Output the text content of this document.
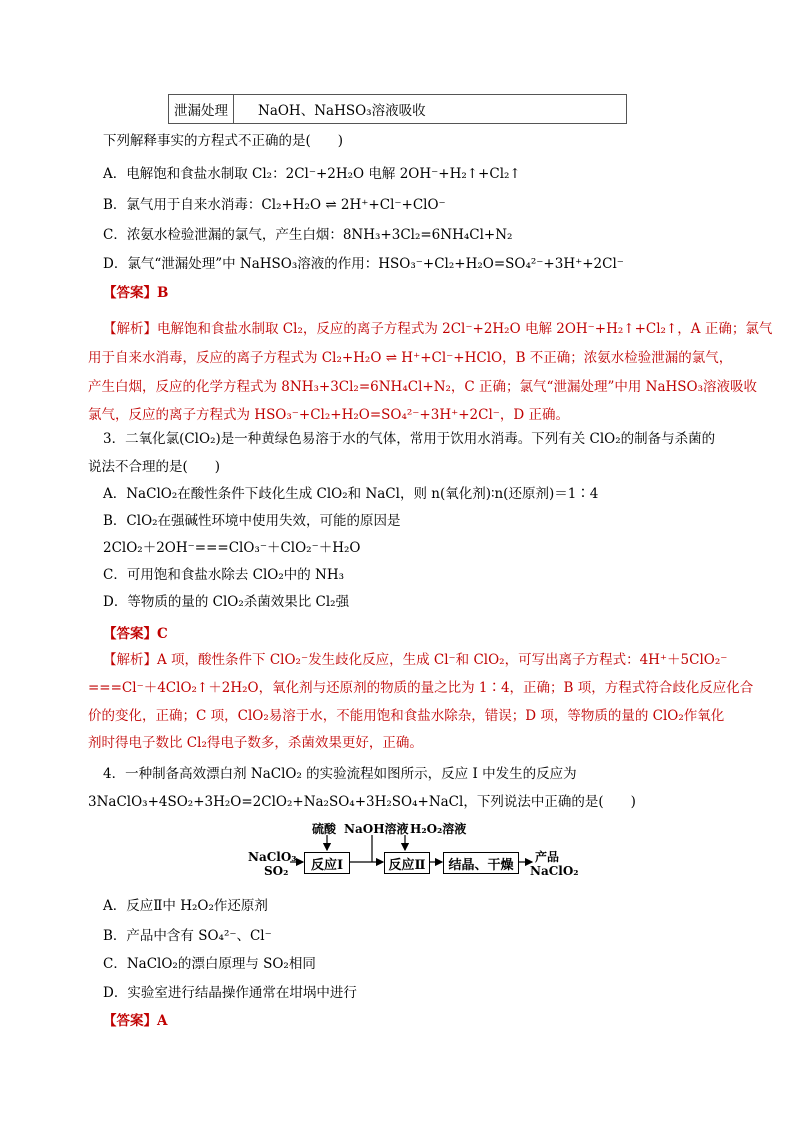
泄漏处理	NaOH、NaHSO₃溶液吸收
下列解释事实的方程式不正确的是(　　)
A．电解饱和食盐水制取 Cl₂：2Cl⁻+2H₂O 电解 2OH⁻+H₂↑+Cl₂↑
B．氯气用于自来水消毒：Cl₂+H₂O ⇌ 2H⁺+Cl⁻+ClO⁻
C．浓氨水检验泄漏的氯气，产生白烟：8NH₃+3Cl₂=6NH₄Cl+N₂
D．氯气“泄漏处理”中 NaHSO₃溶液的作用：HSO₃⁻+Cl₂+H₂O=SO₄²⁻+3H⁺+2Cl⁻
【答案】B
【解析】电解饱和食盐水制取 Cl₂，反应的离子方程式为 2Cl⁻+2H₂O 电解 2OH⁻+H₂↑+Cl₂↑，A 正确；氯气
用于自来水消毒，反应的离子方程式为 Cl₂+H₂O ⇌ H⁺+Cl⁻+HClO，B 不正确；浓氨水检验泄漏的氯气，
产生白烟，反应的化学方程式为 8NH₃+3Cl₂=6NH₄Cl+N₂，C 正确；氯气“泄漏处理”中用 NaHSO₃溶液吸收
氯气，反应的离子方程式为 HSO₃⁻+Cl₂+H₂O=SO₄²⁻+3H⁺+2Cl⁻，D 正确。
3．二氧化氯(ClO₂)是一种黄绿色易溶于水的气体，常用于饮用水消毒。下列有关 ClO₂的制备与杀菌的
说法不合理的是(　　)
A．NaClO₂在酸性条件下歧化生成 ClO₂和 NaCl，则 n(氧化剂)∶n(还原剂)＝1∶4
B．ClO₂在强碱性环境中使用失效，可能的原因是
2ClO₂＋2OH⁻===ClO₃⁻＋ClO₂⁻＋H₂O
C．可用饱和食盐水除去 ClO₂中的 NH₃
D．等物质的量的 ClO₂杀菌效果比 Cl₂强
【答案】C
【解析】A 项，酸性条件下 ClO₂⁻发生歧化反应，生成 Cl⁻和 ClO₂，可写出离子方程式：4H⁺＋5ClO₂⁻
===Cl⁻＋4ClO₂↑＋2H₂O，氧化剂与还原剂的物质的量之比为 1∶4，正确；B 项，方程式符合歧化反应化合
价的变化，正确；C 项，ClO₂易溶于水，不能用饱和食盐水除杂，错误；D 项，等物质的量的 ClO₂作氧化
剂时得电子数比 Cl₂得电子数多，杀菌效果更好，正确。
4．一种制备高效漂白剂 NaClO₂ 的实验流程如图所示，反应 Ⅰ 中发生的反应为
3NaClO₃+4SO₂+3H₂O=2ClO₂+Na₂SO₄+3H₂SO₄+NaCl，下列说法中正确的是(　　)
硫酸 NaOH溶液 H₂O₂溶液
NaClO₃
SO₂	反应Ⅰ	反应Ⅱ	结晶、干燥
产品
NaClO₂
A．反应Ⅱ中 H₂O₂作还原剂
B．产品中含有 SO₄²⁻、Cl⁻
C．NaClO₂的漂白原理与 SO₂相同
D．实验室进行结晶操作通常在坩埚中进行
【答案】A
